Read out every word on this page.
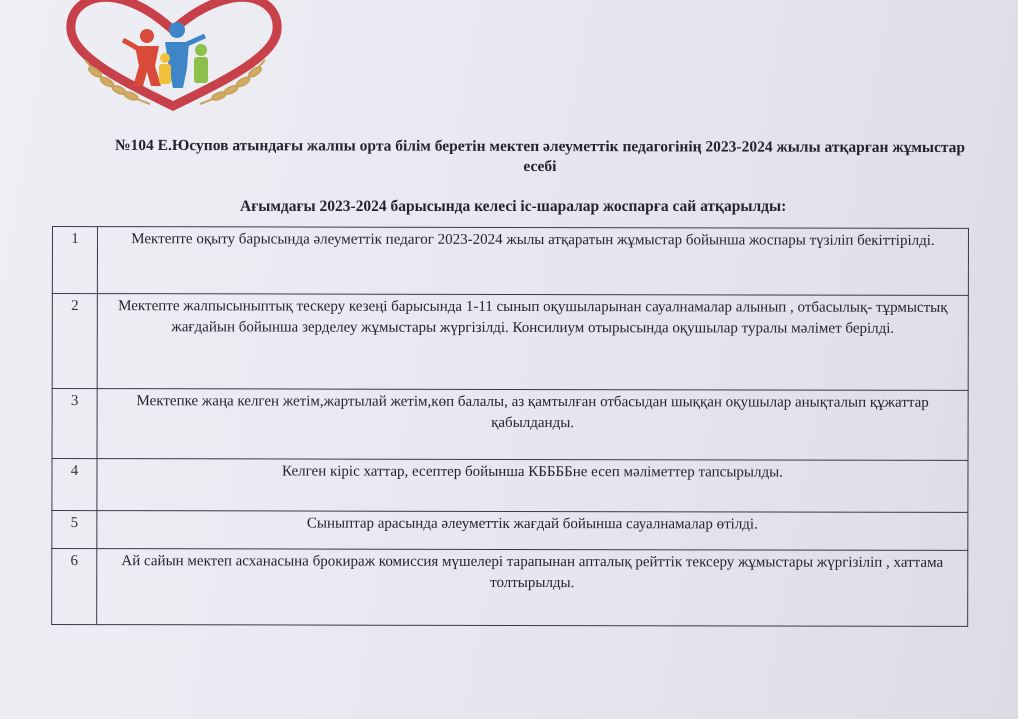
№104 Е.Юсупов атындағы жалпы орта білім беретін мектеп әлеуметтік педагогінің 2023-2024 жылы атқарған жұмыстар есебі
Ағымдағы 2023-2024 барысында келесі іс-шаралар жоспарға сай атқарылды:
1	Мектепте оқыту барысында әлеуметтік педагог 2023-2024 жылы атқаратын жұмыстар бойынша жоспары түзіліп бекіттірілді.
2	Мектепте жалпысыныптық тескеру кезеңі барысында 1-11 сынып оқушыларынан сауалнамалар алынып , отбасылық- тұрмыстық жағдайын бойынша зерделеу жұмыстары жүргізілді. Консилиум отырысында оқушылар туралы мәлімет берілді.
3	Мектепке жаңа келген жетім,жартылай жетім,көп балалы, аз қамтылған отбасыдан шыққан оқушылар анықталып құжаттар қабылданды.
4	Келген кіріс хаттар, есептер бойынша КББББне есеп мәліметтер тапсырылды.
5	Сыныптар арасында әлеуметтік жағдай бойынша сауалнамалар өтілді.
6	Ай сайын мектеп асханасына брокираж комиссия мүшелері тарапынан апталық рейттік тексеру жұмыстары жүргізіліп , хаттама толтырылды.
